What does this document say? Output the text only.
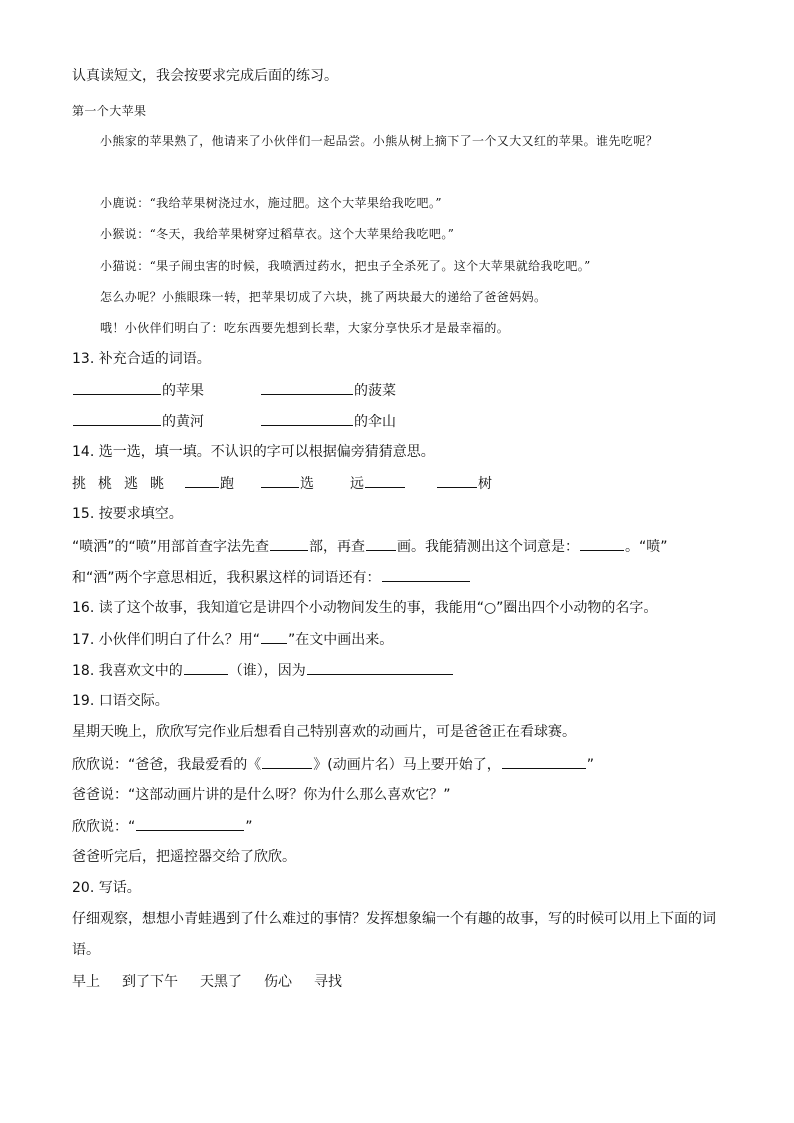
认真读短文，我会按要求完成后面的练习。
第一个大苹果
小熊家的苹果熟了，他请来了小伙伴们一起品尝。小熊从树上摘下了一个又大又红的苹果。谁先吃呢？
小鹿说：“我给苹果树浇过水，施过肥。这个大苹果给我吃吧。”
小猴说：“冬天，我给苹果树穿过稻草衣。这个大苹果给我吃吧。”
小猫说：“果子闹虫害的时候，我喷洒过药水，把虫子全杀死了。这个大苹果就给我吃吧。”
怎么办呢？小熊眼珠一转，把苹果切成了六块，挑了两块最大的递给了爸爸妈妈。
哦！小伙伴们明白了：吃东西要先想到长辈，大家分享快乐才是最幸福的。
13. 补充合适的词语。
的苹果	的菠菜
的黄河	的伞山
14. 选一选，填一填。不认识的字可以根据偏旁猜猜意思。
挑 桃 逃 眺	跑	选	远	树
15. 按要求填空。
“喷洒”的“喷”用部首查字法先查	部，再查 画。我能猜测出这个词意是：	。“喷”
和“洒”两个字意思相近，我积累这样的词语还有：
16. 读了这个故事，我知道它是讲四个小动物间发生的事，我能用“○”圈出四个小动物的名字。
17. 小伙伴们明白了什么？用“ ”在文中画出来。
18. 我喜欢文中的	（谁），因为
19. 口语交际。
星期天晚上，欣欣写完作业后想看自己特别喜欢的动画片，可是爸爸正在看球赛。
欣欣说：“爸爸，我最爱看的《	》(动画片名）马上要开始了，	”
爸爸说：“这部动画片讲的是什么呀？你为什么那么喜欢它？”
欣欣说：“	”
爸爸听完后，把遥控器交给了欣欣。
20. 写话。
仔细观察，想想小青蛙遇到了什么难过的事情？发挥想象编一个有趣的故事，写的时候可以用上下面的词
语。
早上 到了下午 天黑了 伤心 寻找
